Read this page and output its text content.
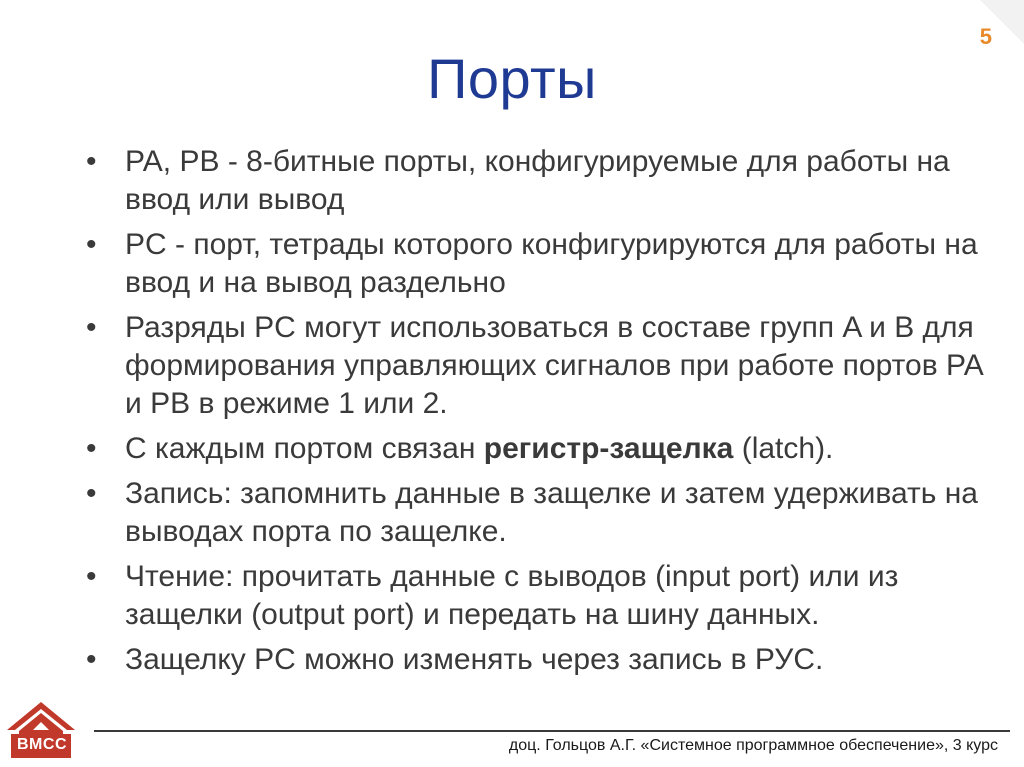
5
Порты
• PA, PB - 8-битные порты, конфигурируемые для работы на ввод или вывод
• PC - порт, тетрады которого конфигурируются для работы на ввод и на вывод раздельно
• Разряды PC могут использоваться в составе групп A и B для формирования управляющих сигналов при работе портов PA и PB в режиме 1 или 2.
• С каждым портом связан регистр-защелка (latch).
• Запись: запомнить данные в защелке и затем удерживать на выводах порта по защелке.
• Чтение: прочитать данные с выводов (input port) или из защелки (output port) и передать на шину данных.
• Защелку PC можно изменять через запись в РУС.
ВМСС	доц. Гольцов А.Г. «Системное программное обеспечение», 3 курс
